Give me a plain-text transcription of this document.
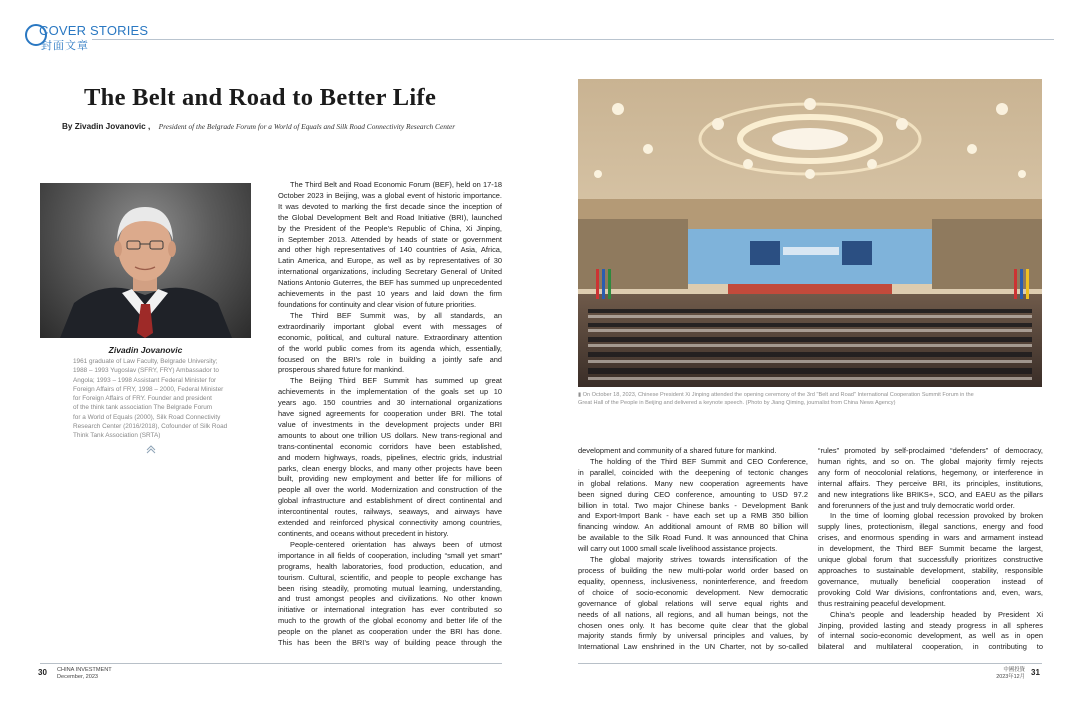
COVER STORIES
封面文章
The Belt and Road to Better Life
By Zivadin Jovanovic , President of the Belgrade Forum for a World of Equals and Silk Road Connectivity Research Center
Zivadin Jovanovic
1961 graduate of Law Faculty, Belgrade University;
1988 – 1993 Yugoslav (SFRY, FRY) Ambassador to
Angola; 1993 – 1998 Assistant Federal Minister for
Foreign Affairs of FRY, 1998 – 2000, Federal Minister
for Foreign Affairs of FRY. Founder and president
of the think tank association The Belgrade Forum
for a World of Equals (2000), Silk Road Connectivity
Research Center (2016/2018), Cofounder of Silk Road
Think Tank Association (SRTA)
The Third Belt and Road Economic Forum (BEF), held on 17-18
October 2023 in Beijing, was a global event of historic importance.
It was devoted to marking the first decade since the inception of
the Global Development Belt and Road Initiative (BRI), launched
by the President of the People’s Republic of China, Xi Jinping,
in September 2013. Attended by heads of state or government
and other high representatives of 140 countries of Asia, Africa,
Latin America, and Europe, as well as by representatives of 30
international organizations, including Secretary General of United
Nations Antonio Guterres, the BEF has summed up unprecedented
achievements in the past 10 years and laid down the firm
foundations for continuity and clear vision of future priorities.
The Third BEF Summit was, by all standards, an
extraordinarily important global event with messages of
economic, political, and cultural nature. Extraordinary attention
of the world public comes from its agenda which, essentially,
focused on the BRI’s role in building a jointly safe and
prosperous shared future for mankind.
The Beijing Third BEF Summit has summed up great
achievements in the implementation of the goals set up 10
years ago. 150 countries and 30 international organizations
have signed agreements for cooperation under BRI. The total
value of investments in the development projects under BRI
amounts to about one trillion US dollars. New trans-regional and
trans-continental economic corridors have been established,
and modern highways, roads, pipelines, electric grids, industrial
parks, clean energy blocks, and many other projects have been
built, providing new employment and better life for millions of
people all over the world. Modernization and construction of the
global infrastructure and establishment of direct continental and
intercontinental routes, railways, seaways, and airways have
extended and reinforced physical connectivity among countries,
continents, and oceans without precedent in history.
People-centered orientation has always been of utmost
importance in all fields of cooperation, including “small yet smart”
programs, health laboratories, food production, education, and
tourism. Cultural, scientific, and people to people exchange has
been rising steadily, promoting mutual learning, understanding,
and trust amongst peoples and civilizations. No other known
initiative or international integration has ever contributed so
much to the growth of the global economy and better life of the
people on the planet as cooperation under the BRI has done.
This has been the BRI’s way of building peace through the
▮ On October 18, 2023, Chinese President Xi Jinping attended the opening ceremony of the 3rd "Belt and Road" International Cooperation Summit Forum in the
Great Hall of the People in Beijing and delivered a keynote speech. (Photo by Jiang Qiming, journalist from China News Agency)
development and community of a shared future for mankind.
The holding of the Third BEF Summit and CEO Conference,
in parallel, coincided with the deepening of tectonic changes
in global relations. Many new cooperation agreements have
been signed during CEO conference, amounting to USD 97.2
billion in total. Two major Chinese banks - Development Bank
and Export-Import Bank - have each set up a RMB 350 billion
financing window. An additional amount of RMB 80 billion will
be available to the Silk Road Fund. It was announced that China
will carry out 1000 small scale livelihood assistance projects.
The global majority strives towards intensification of the
process of building the new multi-polar world order based on
equality, openness, inclusiveness, noninterference, and freedom
of choice of socio-economic development. New democratic
governance of global relations will serve equal rights and
needs of all nations, all regions, and all human beings, not the
chosen ones only. It has become quite clear that the global
majority stands firmly by universal principles and values, by
International Law enshrined in the UN Charter, not by so-called
“rules” promoted by self-proclaimed “defenders” of democracy,
human rights, and so on. The global majority firmly rejects
any form of neocolonial relations, hegemony, or interference in
internal affairs. They perceive BRI, its principles, institutions,
and new integrations like BRIKS+, SCO, and EAEU as the pillars
and forerunners of the just and truly democratic world order.
In the time of looming global recession provoked by broken
supply lines, protectionism, illegal sanctions, energy and food
crises, and enormous spending in wars and armament instead
in development, the Third BEF Summit became the largest,
unique global forum that successfully prioritizes constructive
approaches to sustainable development, stability, responsible
governance, mutually beneficial cooperation instead of
provoking Cold War divisions, confrontations and, even, wars,
thus restraining peaceful development.
China’s people and leadership headed by President Xi
Jinping, provided lasting and steady progress in all spheres
of internal socio-economic development, as well as in open
bilateral and multilateral cooperation, in contributing to
30 CHINA INVESTMENT
December, 2023
中國投資
2023年12月 31
